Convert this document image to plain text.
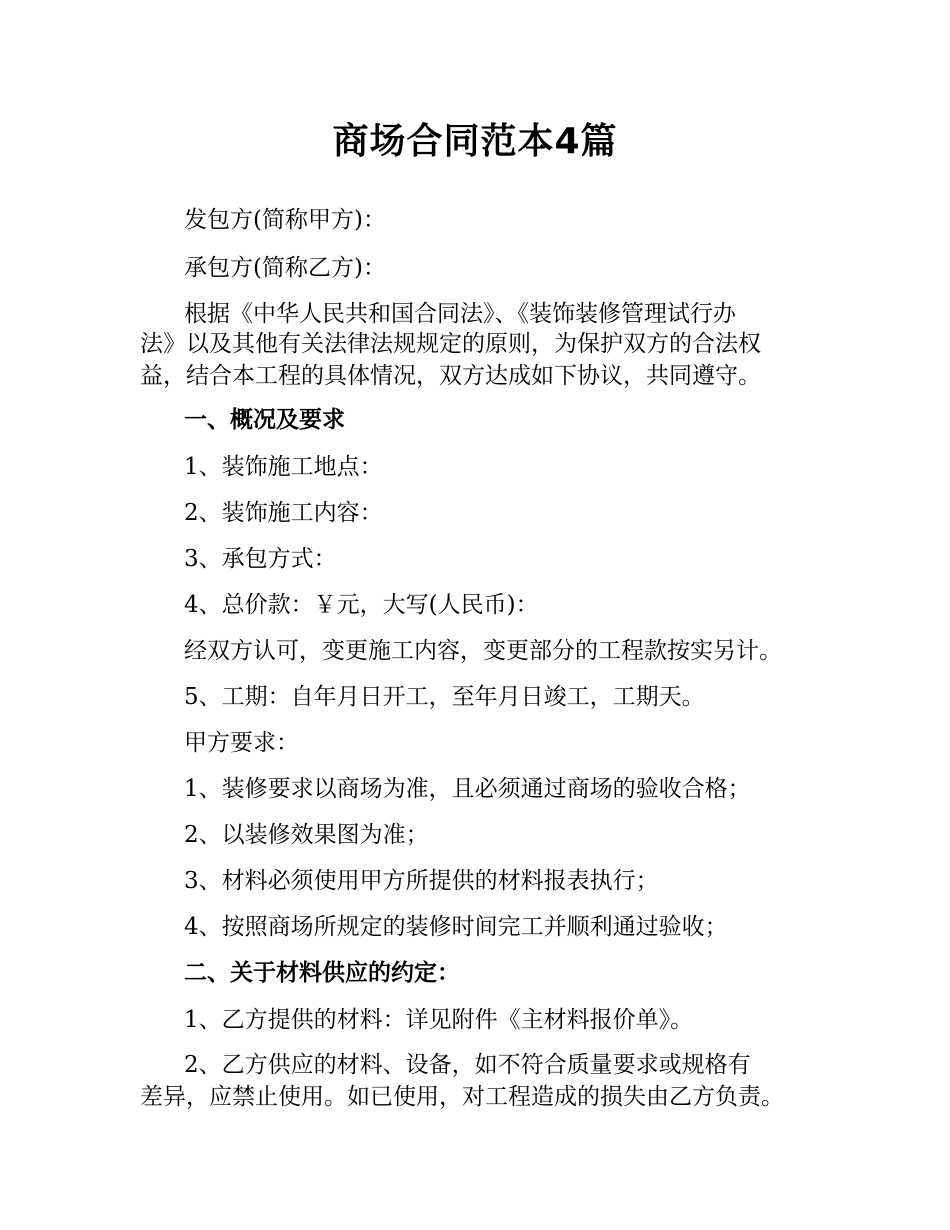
商场合同范本4篇

发包方(简称甲方)：

承包方(简称乙方)：

根据《中华人民共和国合同法》、《装饰装修管理试行办

法》以及其他有关法律法规规定的原则，为保护双方的合法权

益，结合本工程的具体情况，双方达成如下协议，共同遵守。

一、概况及要求

1、装饰施工地点：

2、装饰施工内容：

3、承包方式：

4、总价款：￥元，大写(人民币)：

经双方认可，变更施工内容，变更部分的工程款按实另计。

5、工期：自年月日开工，至年月日竣工，工期天。

甲方要求：

1、装修要求以商场为准，且必须通过商场的验收合格；

2、以装修效果图为准；

3、材料必须使用甲方所提供的材料报表执行；

4、按照商场所规定的装修时间完工并顺利通过验收；

二、关于材料供应的约定：

1、乙方提供的材料：详见附件《主材料报价单》。

2、乙方供应的材料、设备，如不符合质量要求或规格有

差异，应禁止使用。如已使用，对工程造成的损失由乙方负责。
